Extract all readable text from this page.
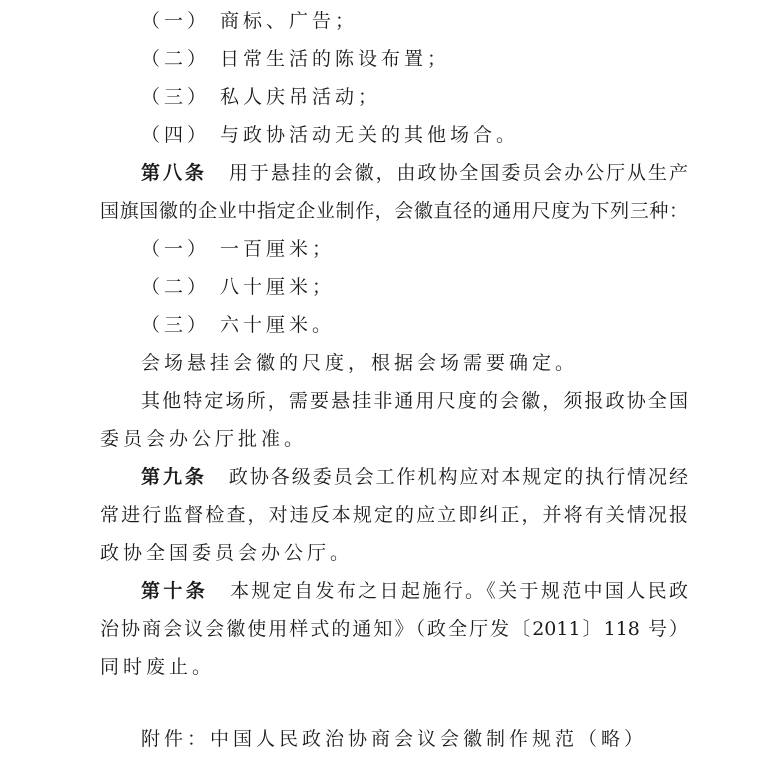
（一） 商标、广告；
（二） 日常生活的陈设布置；
（三） 私人庆吊活动；
（四） 与政协活动无关的其他场合。
第八条 用于悬挂的会徽，由政协全国委员会办公厅从生产
国旗国徽的企业中指定企业制作，会徽直径的通用尺度为下列三种：
（一） 一百厘米；
（二） 八十厘米；
（三） 六十厘米。
会场悬挂会徽的尺度，根据会场需要确定。
其他特定场所，需要悬挂非通用尺度的会徽，须报政协全国
委员会办公厅批准。
第九条 政协各级委员会工作机构应对本规定的执行情况经
常进行监督检查，对违反本规定的应立即纠正，并将有关情况报
政协全国委员会办公厅。
第十条 本规定自发布之日起施行。《关于规范中国人民政
治协商会议会徽使用样式的通知》（政全厅发〔2011〕118 号）
同时废止。
附件：中国人民政治协商会议会徽制作规范（略）
